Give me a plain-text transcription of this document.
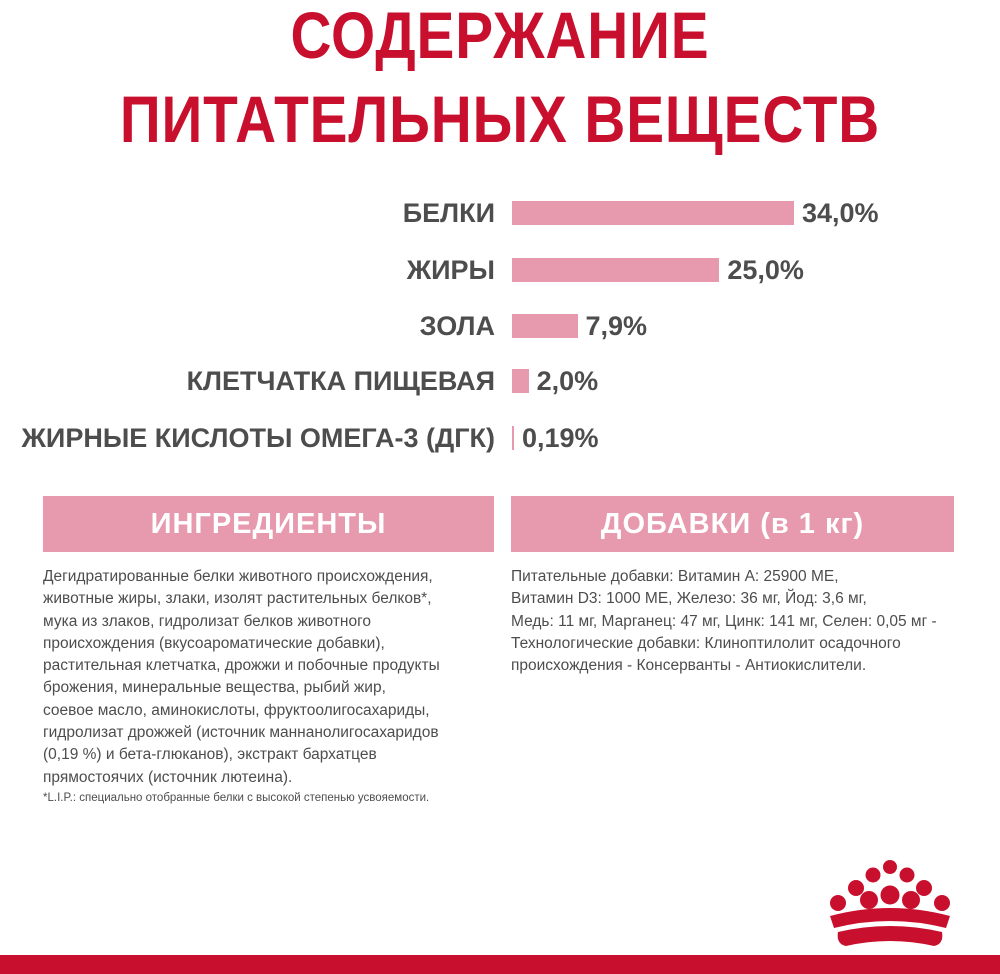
СОДЕРЖАНИЕ
ПИТАТЕЛЬНЫХ ВЕЩЕСТВ
БЕЛКИ	34,0%
ЖИРЫ	25,0%
ЗОЛА	7,9%
КЛЕТЧАТКА ПИЩЕВАЯ 2,0%
ЖИРНЫЕ КИСЛОТЫ ОМЕГА-3 (ДГК) 0,19%
ИНГРЕДИЕНТЫ
Дегидратированные белки животного происхождения,
животные жиры, злаки, изолят растительных белков*,
мука из злаков, гидролизат белков животного
происхождения (вкусоароматические добавки),
растительная клетчатка, дрожжи и побочные продукты
брожения, минеральные вещества, рыбий жир,
соевое масло, аминокислоты, фруктоолигосахариды,
гидролизат дрожжей (источник маннанолигосахаридов
(0,19 %) и бета-глюканов), экстракт бархатцев
прямостоячих (источник лютеина).
*L.I.P.: специально отобранные белки с высокой степенью усвояемости.
ДОБАВКИ (в 1 кг)
Питательные добавки: Витамин А: 25900 МЕ,
Витамин D3: 1000 МЕ, Железо: 36 мг, Йод: 3,6 мг,
Медь: 11 мг, Марганец: 47 мг, Цинк: 141 мг, Селен: 0,05 мг -
Технологические добавки: Клиноптилолит осадочного
происхождения - Консерванты - Антиокислители.
